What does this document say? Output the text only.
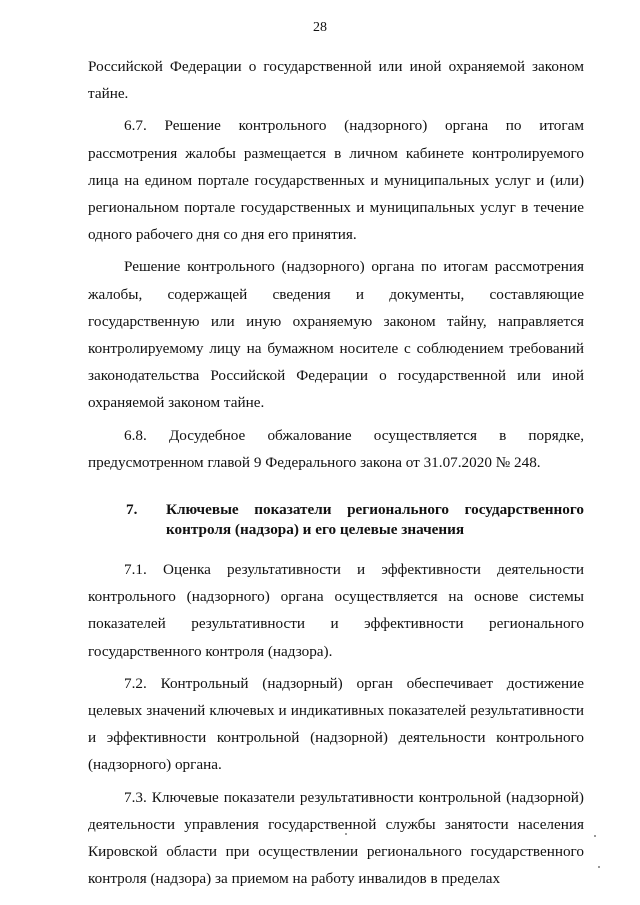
28

Российской Федерации о государственной или иной охраняемой законом тайне.

6.7. Решение контрольного (надзорного) органа по итогам рассмотрения жалобы размещается в личном кабинете контролируемого лица на едином портале государственных и муниципальных услуг и (или) региональном портале государственных и муниципальных услуг в течение одного рабочего дня со дня его принятия.

Решение контрольного (надзорного) органа по итогам рассмотрения жалобы, содержащей сведения и документы, составляющие государственную или иную охраняемую законом тайну, направляется контролируемому лицу на бумажном носителе с соблюдением требований законодательства Российской Федерации о государственной или иной охраняемой законом тайне.

6.8. Досудебное обжалование осуществляется в порядке, предусмотренном главой 9 Федерального закона от 31.07.2020 № 248.

7.	Ключевые показатели регионального государственного контроля (надзора) и его целевые значения

7.1. Оценка результативности и эффективности деятельности контрольного (надзорного) органа осуществляется на основе системы показателей результативности и эффективности регионального государственного контроля (надзора).

7.2. Контрольный (надзорный) орган обеспечивает достижение целевых значений ключевых и индикативных показателей результативности и эффективности контрольной (надзорной) деятельности контрольного (надзорного) органа.

7.3. Ключевые показатели результативности контрольной (надзорной) деятельности управления государственной службы занятости населения Кировской области при осуществлении регионального государственного контроля (надзора) за приемом на работу инвалидов в пределах
